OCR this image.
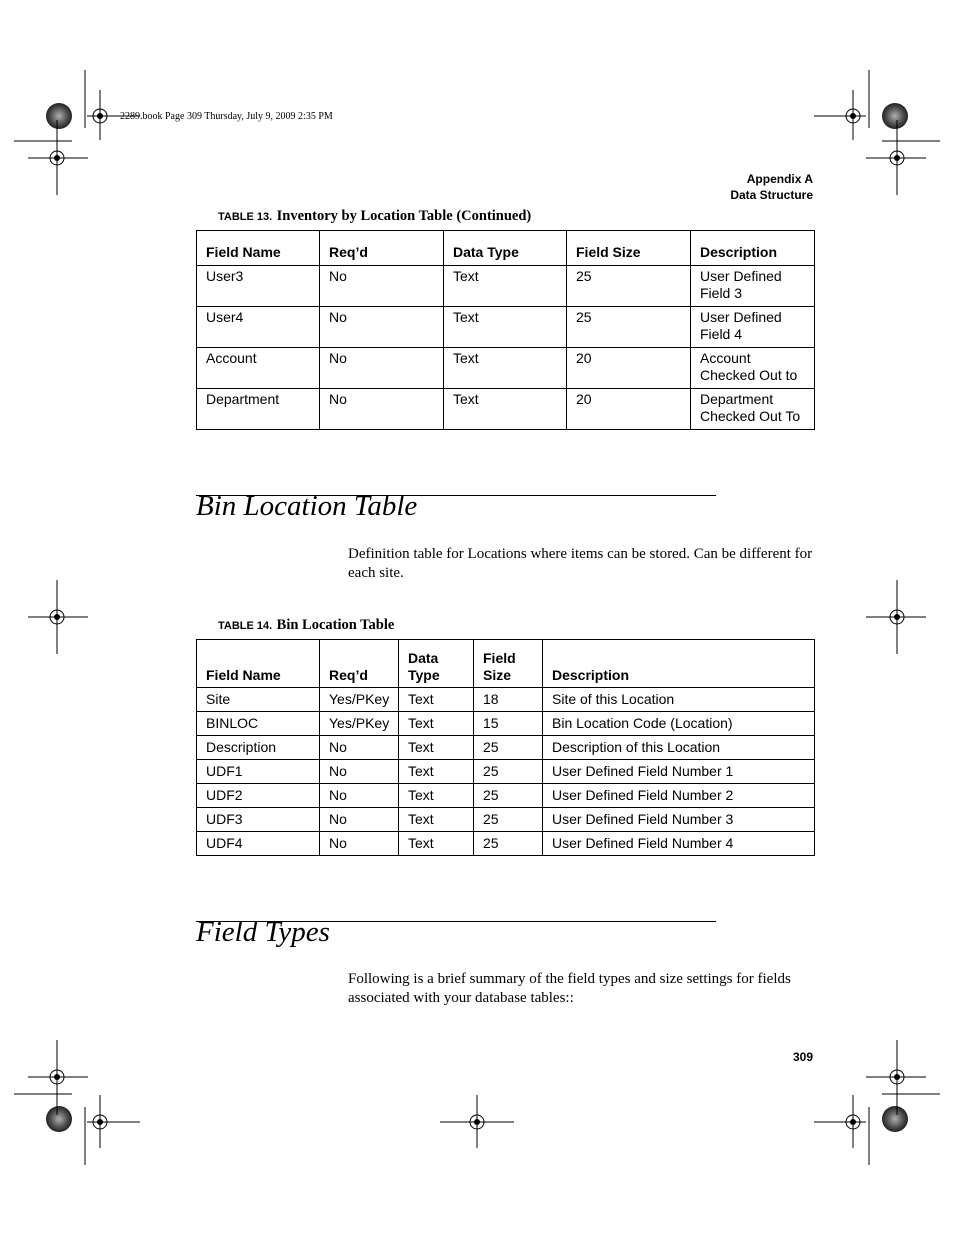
2289.book Page 309 Thursday, July 9, 2009 2:35 PM
Appendix A
Data Structure
TABLE 13. Inventory by Location Table (Continued)
Field Name	Req’d	Data Type	Field Size	Description
User3	No	Text	25	User Defined Field 3
User4	No	Text	25	User Defined Field 4
Account	No	Text	20	Account Checked Out to
Department	No	Text	20	Department Checked Out To
Bin Location Table
Definition table for Locations where items can be stored. Can be different for each site.
TABLE 14. Bin Location Table
Field Name	Req’d	Data Type	Field Size	Description
Site	Yes/PKey	Text	18	Site of this Location
BINLOC	Yes/PKey	Text	15	Bin Location Code (Location)
Description	No	Text	25	Description of this Location
UDF1	No	Text	25	User Defined Field Number 1
UDF2	No	Text	25	User Defined Field Number 2
UDF3	No	Text	25	User Defined Field Number 3
UDF4	No	Text	25	User Defined Field Number 4
Field Types
Following is a brief summary of the field types and size settings for fields associated with your database tables::
309
